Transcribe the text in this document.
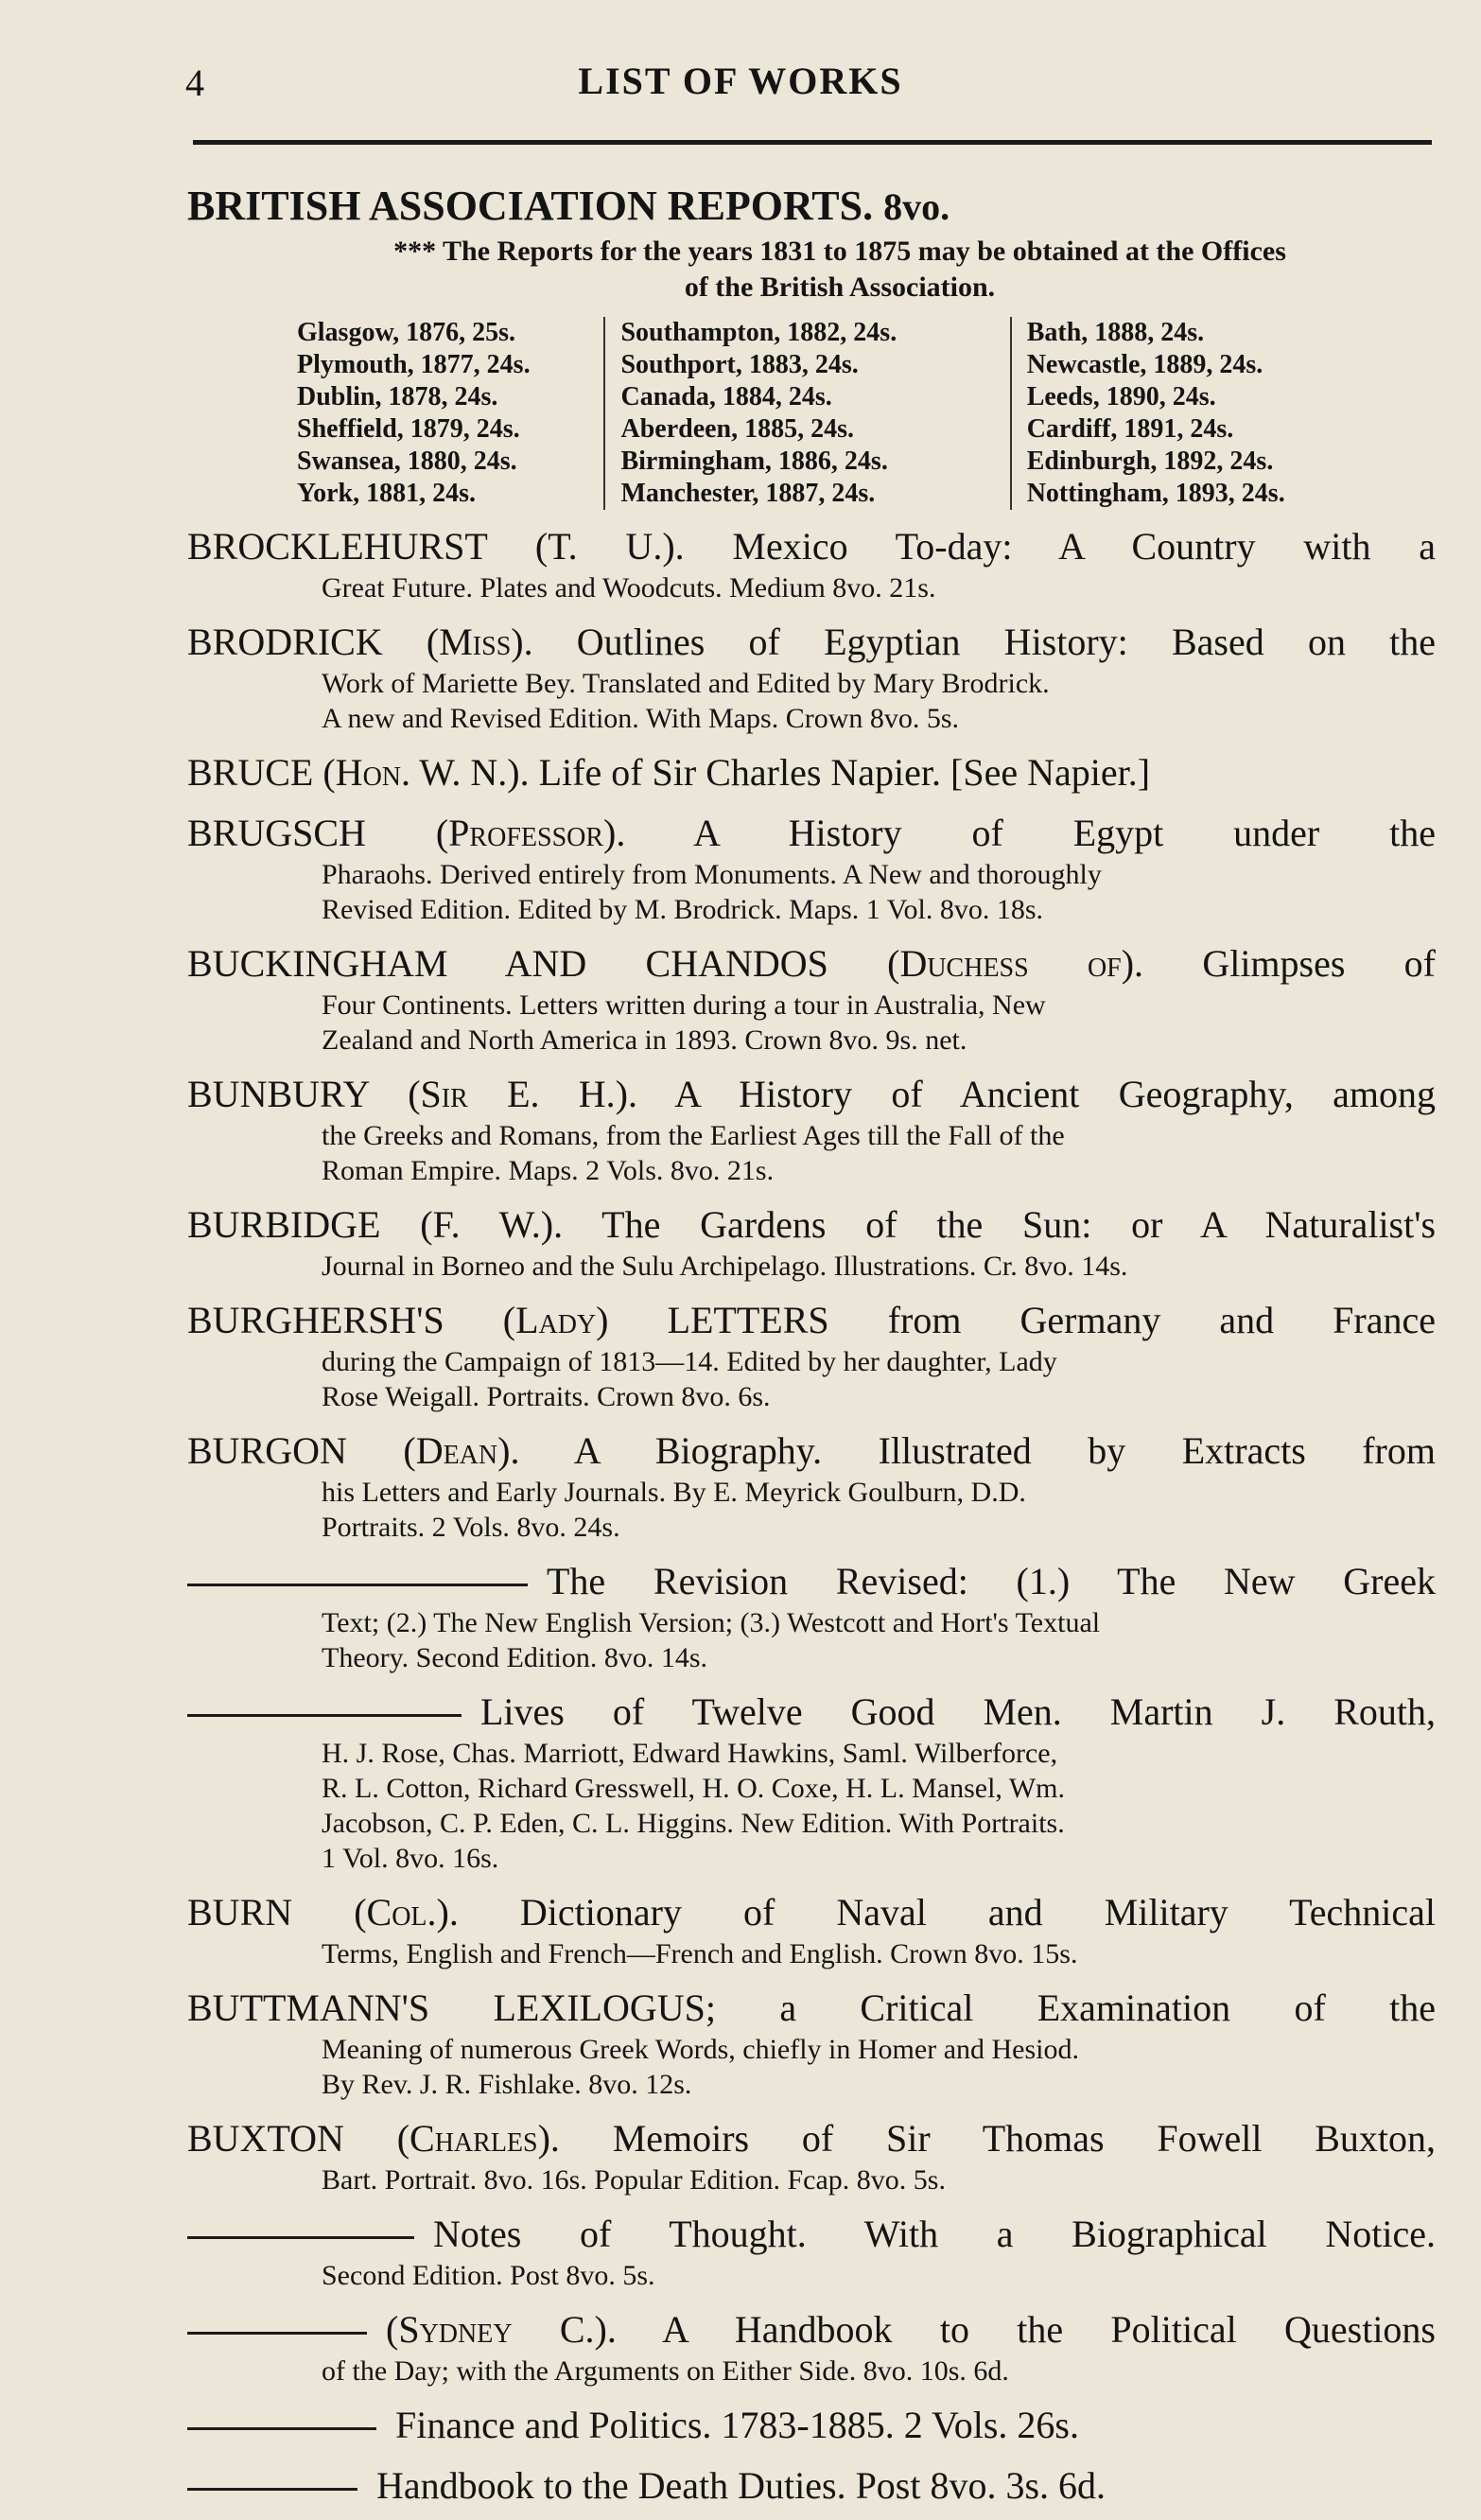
4	LIST OF WORKS
BRITISH ASSOCIATION REPORTS. 8vo.
*** The Reports for the years 1831 to 1875 may be obtained at the Offices
of the British Association.
Glasgow, 1876, 25s.
Plymouth, 1877, 24s.
Dublin, 1878, 24s.
Sheffield, 1879, 24s.
Swansea, 1880, 24s.
York, 1881, 24s.
Southampton, 1882, 24s.
Southport, 1883, 24s.
Canada, 1884, 24s.
Aberdeen, 1885, 24s.
Birmingham, 1886, 24s.
Manchester, 1887, 24s.
Bath, 1888, 24s.
Newcastle, 1889, 24s.
Leeds, 1890, 24s.
Cardiff, 1891, 24s.
Edinburgh, 1892, 24s.
Nottingham, 1893, 24s.
BROCKLEHURST (T. U.). Mexico To-day: A Country with a
Great Future. Plates and Woodcuts. Medium 8vo. 21s.
BRODRICK (Miss). Outlines of Egyptian History: Based on the
Work of Mariette Bey. Translated and Edited by Mary Brodrick.
A new and Revised Edition. With Maps. Crown 8vo. 5s.
BRUCE (Hon. W. N.). Life of Sir Charles Napier. [See Napier.]
BRUGSCH (Professor). A History of Egypt under the
Pharaohs. Derived entirely from Monuments. A New and thoroughly
Revised Edition. Edited by M. Brodrick. Maps. 1 Vol. 8vo. 18s.
BUCKINGHAM AND CHANDOS (Duchess of). Glimpses of
Four Continents. Letters written during a tour in Australia, New
Zealand and North America in 1893. Crown 8vo. 9s. net.
BUNBURY (Sir E. H.). A History of Ancient Geography, among
the Greeks and Romans, from the Earliest Ages till the Fall of the
Roman Empire. Maps. 2 Vols. 8vo. 21s.
BURBIDGE (F. W.). The Gardens of the Sun: or A Naturalist's
Journal in Borneo and the Sulu Archipelago. Illustrations. Cr. 8vo. 14s.
BURGHERSH'S (Lady) LETTERS from Germany and France
during the Campaign of 1813—14. Edited by her daughter, Lady
Rose Weigall. Portraits. Crown 8vo. 6s.
BURGON (Dean). A Biography. Illustrated by Extracts from
his Letters and Early Journals. By E. Meyrick Goulburn, D.D.
Portraits. 2 Vols. 8vo. 24s.
The Revision Revised: (1.) The New Greek
Text; (2.) The New English Version; (3.) Westcott and Hort's Textual
Theory. Second Edition. 8vo. 14s.
Lives of Twelve Good Men. Martin J. Routh,
H. J. Rose, Chas. Marriott, Edward Hawkins, Saml. Wilberforce,
R. L. Cotton, Richard Gresswell, H. O. Coxe, H. L. Mansel, Wm.
Jacobson, C. P. Eden, C. L. Higgins. New Edition. With Portraits.
1 Vol. 8vo. 16s.
BURN (Col.). Dictionary of Naval and Military Technical
Terms, English and French—French and English. Crown 8vo. 15s.
BUTTMANN'S LEXILOGUS; a Critical Examination of the
Meaning of numerous Greek Words, chiefly in Homer and Hesiod.
By Rev. J. R. Fishlake. 8vo. 12s.
BUXTON (Charles). Memoirs of Sir Thomas Fowell Buxton,
Bart. Portrait. 8vo. 16s. Popular Edition. Fcap. 8vo. 5s.
Notes of Thought. With a Biographical Notice.
Second Edition. Post 8vo. 5s.
(Sydney C.). A Handbook to the Political Questions
of the Day; with the Arguments on Either Side. 8vo. 10s. 6d.
Finance and Politics. 1783-1885. 2 Vols. 26s.
Handbook to the Death Duties. Post 8vo. 3s. 6d.
